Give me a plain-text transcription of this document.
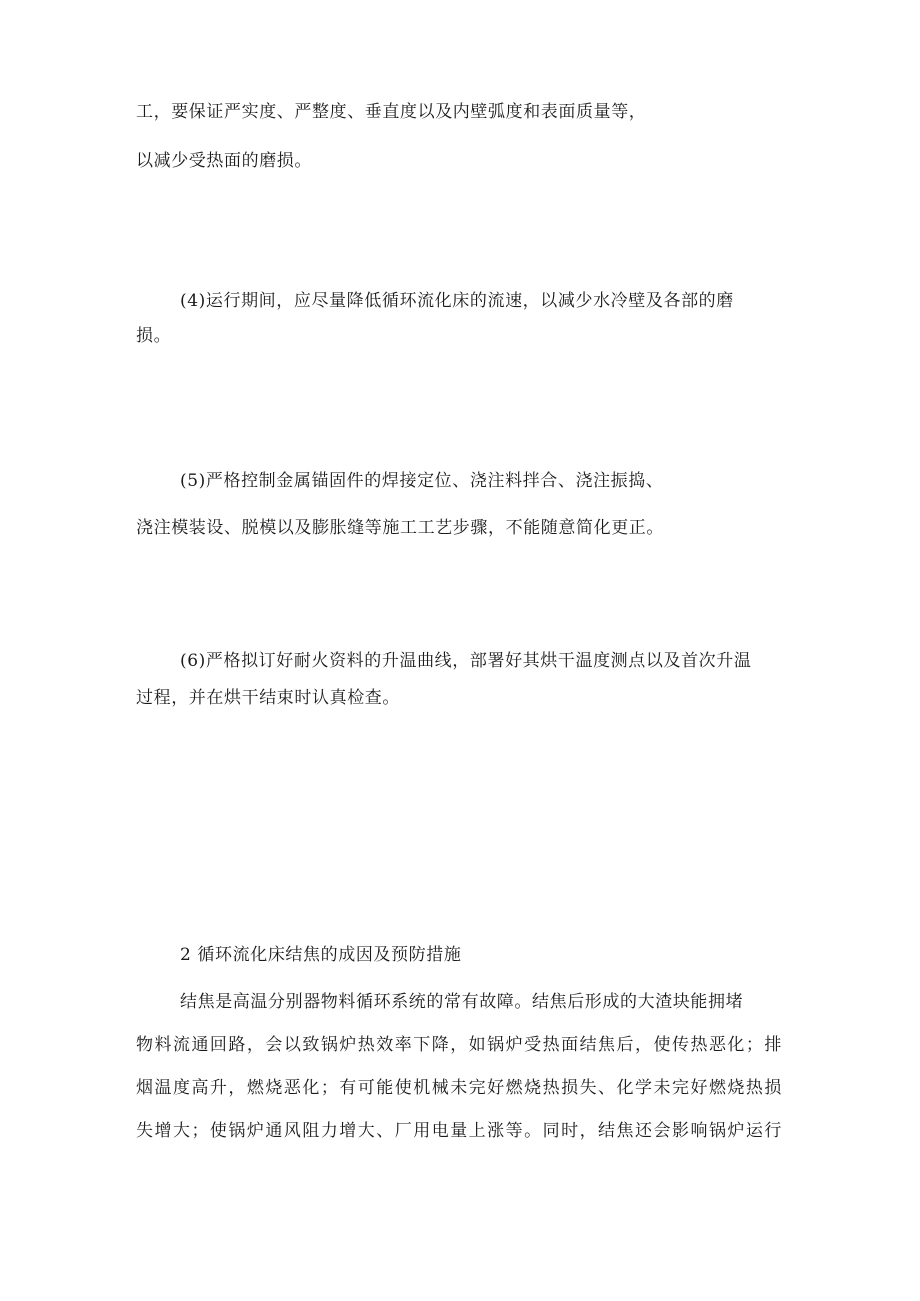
工，要保证严实度、严整度、垂直度以及内壁弧度和表面质量等，
以减少受热面的磨损。
(4)运行期间，应尽量降低循环流化床的流速，以减少水冷壁及各部的磨
损。
(5)严格控制金属锚固件的焊接定位、浇注料拌合、浇注振捣、
浇注模装设、脱模以及膨胀缝等施工工艺步骤，不能随意简化更正。
(6)严格拟订好耐火资料的升温曲线，部署好其烘干温度测点以及首次升温
过程，并在烘干结束时认真检查。
2 循环流化床结焦的成因及预防措施
结焦是高温分别器物料循环系统的常有故障。结焦后形成的大渣块能拥堵
物料流通回路，会以致锅炉热效率下降，如锅炉受热面结焦后，使传热恶化；排
烟温度高升，燃烧恶化；有可能使机械未完好燃烧热损失、化学未完好燃烧热损
失增大；使锅炉通风阻力增大、厂用电量上涨等。同时，结焦还会影响锅炉运行
